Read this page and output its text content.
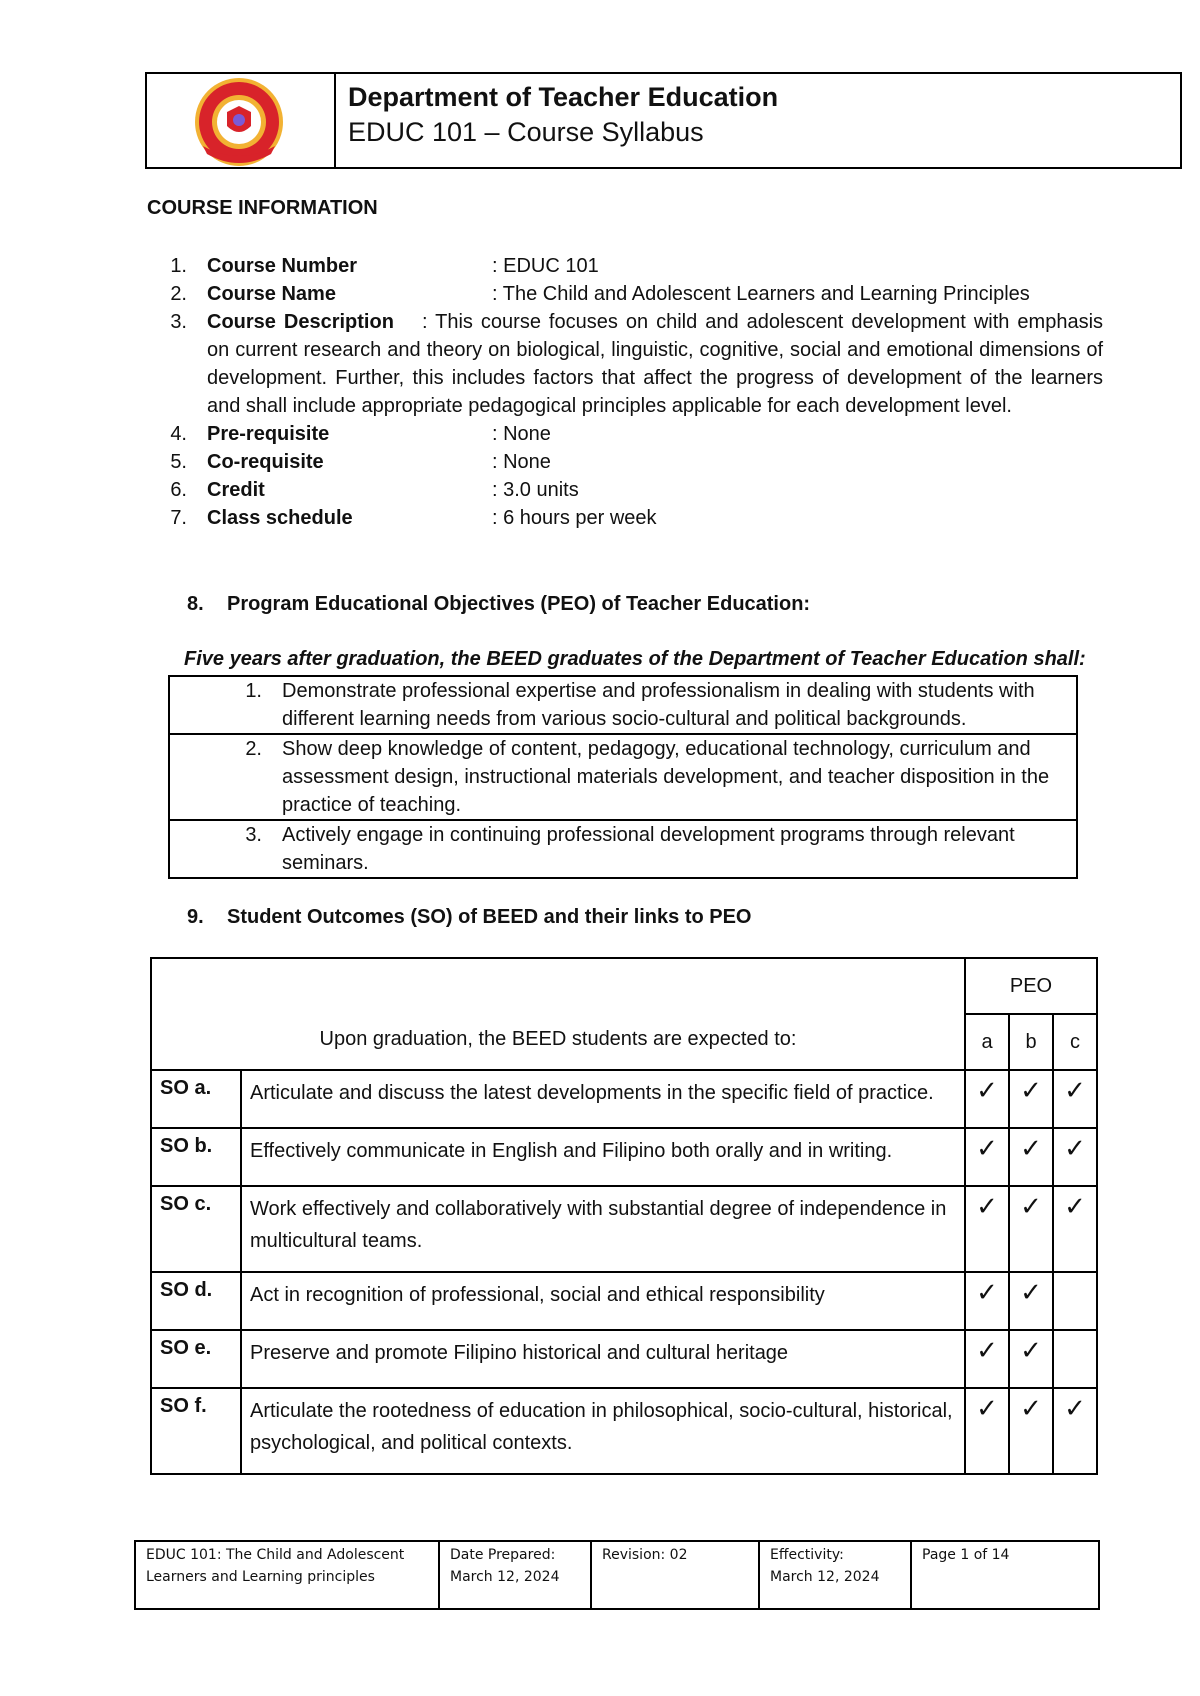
Department of Teacher Education
EDUC 101 – Course Syllabus
COURSE INFORMATION
1.	Course Number	: EDUC 101
2.	Course Name	: The Child and Adolescent Learners and Learning Principles
3.	Course Description : This course focuses on child and adolescent development with emphasis on current research and theory on biological, linguistic, cognitive, social and emotional dimensions of development. Further, this includes factors that affect the progress of development of the learners and shall include appropriate pedagogical principles applicable for each development level.
4.	Pre-requisite	: None
5.	Co-requisite	: None
6.	Credit	: 3.0 units
7.	Class schedule	: 6 hours per week
8. Program Educational Objectives (PEO) of Teacher Education:
Five years after graduation, the BEED graduates of the Department of Teacher Education shall:
1.	Demonstrate professional expertise and professionalism in dealing with students with different learning needs from various socio-cultural and political backgrounds.

2.	Show deep knowledge of content, pedagogy, educational technology, curriculum and assessment design, instructional materials development, and teacher disposition in the practice of teaching.

3.	Actively engage in continuing professional development programs through relevant seminars.
9. Student Outcomes (SO) of BEED and their links to PEO
Upon graduation, the BEED students are expected to:		PEO		
		a	b	c
SO a.	Articulate and discuss the latest developments in the specific field of practice.	✓	✓	✓
SO b.	Effectively communicate in English and Filipino both orally and in writing.	✓	✓	✓
SO c.	Work effectively and collaboratively with substantial degree of independence in multicultural teams.	✓	✓	✓
SO d.	Act in recognition of professional, social and ethical responsibility	✓	✓	
SO e.	Preserve and promote Filipino historical and cultural heritage	✓	✓	
SO f.	Articulate the rootedness of education in philosophical, socio-cultural, historical, psychological, and political contexts.	✓	✓	✓
EDUC 101: The Child and Adolescent Learners and Learning principles	
Date Prepared:
March 12, 2024
	Revision: 02	Effectivity:
March 12, 2024
	Page 1 of 14
